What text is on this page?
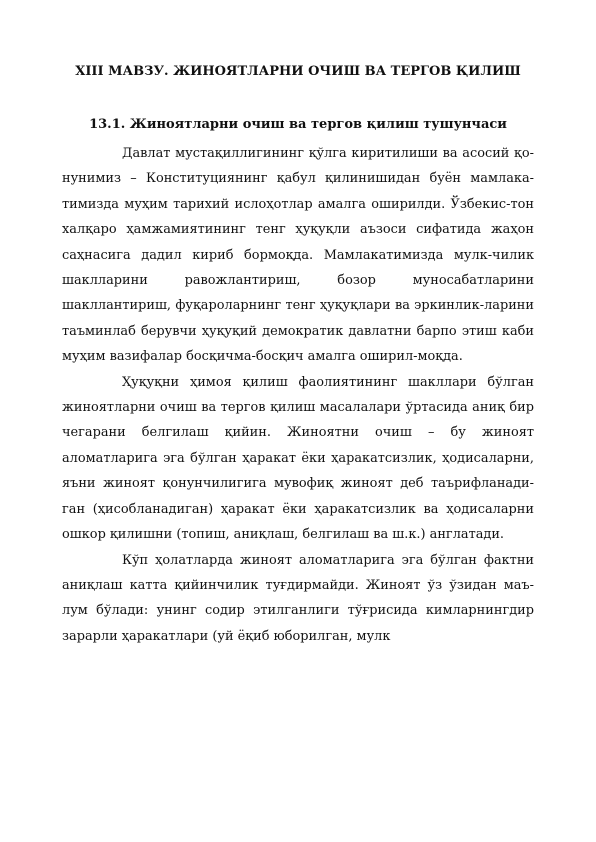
XIII МАВЗУ. ЖИНОЯТЛАРНИ ОЧИШ ВА ТЕРГОВ ҚИЛИШ
13.1. Жиноятларни очиш ва тергов қилиш тушунчаси

Давлат мустақиллигининг қўлга киритилиши ва асосий қо-нунимиз – Конституциянинг қабул қилинишидан буён мамлака-тимизда муҳим тарихий ислоҳотлар амалга оширилди. Ўзбекис-тон халқаро ҳамжамиятининг тенг ҳуқуқли аъзоси сифатида жаҳон саҳнасига дадил кириб бормоқда. Мамлакатимизда мулк-чилик шаклларини равожлантириш, бозор муносабатларини шакллантириш, фуқароларнинг тенг ҳуқуқлари ва эркинлик-ларини таъминлаб берувчи ҳуқуқий демократик давлатни барпо этиш каби муҳим вазифалар босқичма-босқич амалга оширил-моқда.

Ҳуқуқни ҳимоя қилиш фаолиятининг шакллари бўлган жиноятларни очиш ва тергов қилиш масалалари ўртасида аниқ бир чегарани белгилаш қийин. Жиноятни очиш – бу жиноят аломатларига эга бўлган ҳаракат ёки ҳаракатсизлик, ҳодисаларни, яъни жиноят қонунчилигига мувофиқ жиноят деб таърифланади-ган (ҳисобланадиган) ҳаракат ёки ҳаракатсизлик ва ҳодисаларни ошкор қилишни (топиш, аниқлаш, белгилаш ва ш.к.) англатади.

Кўп ҳолатларда жиноят аломатларига эга бўлган фактни аниқлаш катта қийинчилик туғдирмайди. Жиноят ўз ўзидан маъ-лум бўлади: унинг содир этилганлиги тўғрисида кимларнингдир зарарли ҳаракатлари (уй ёқиб юборилган, мулк
